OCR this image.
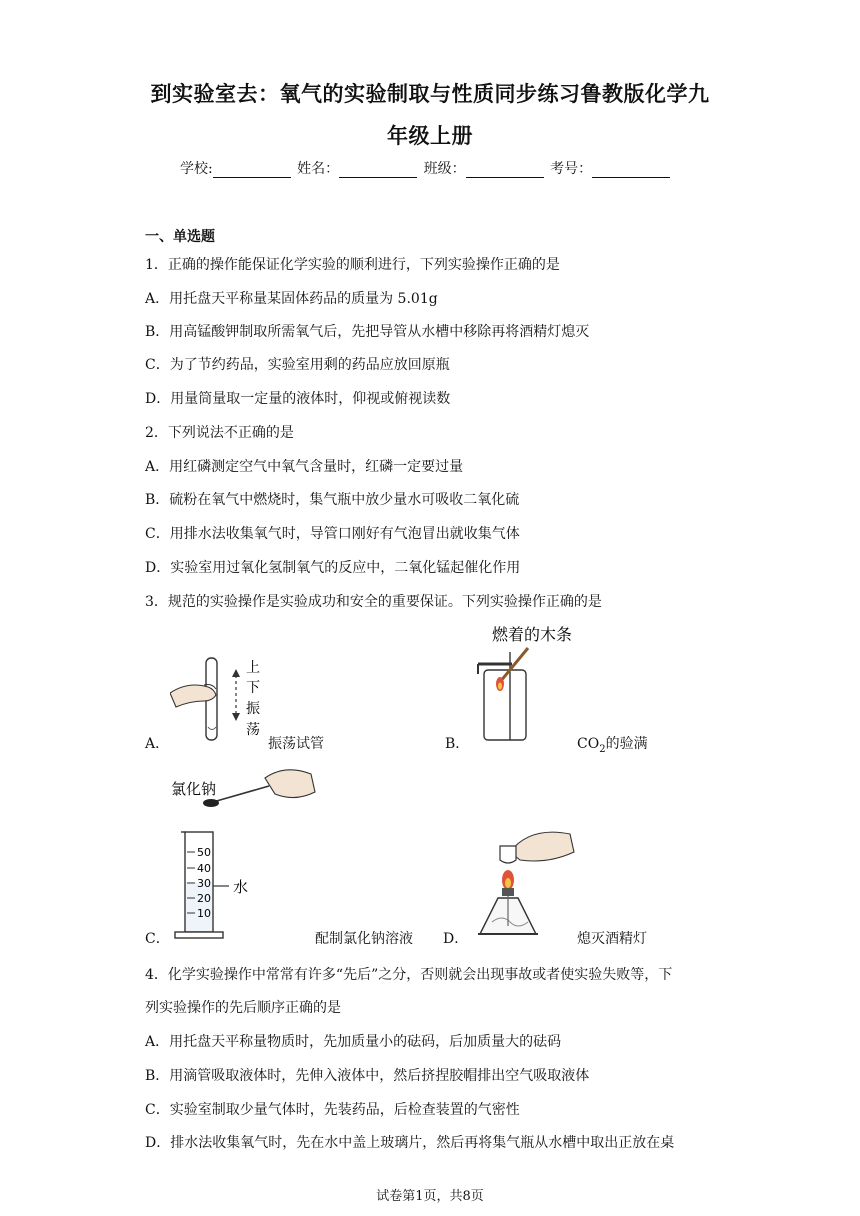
到实验室去：氧气的实验制取与性质同步练习鲁教版化学九
年级上册
学校:	姓名：	班级：	考号：
一、单选题
1．正确的操作能保证化学实验的顺利进行，下列实验操作正确的是
A．用托盘天平称量某固体药品的质量为 5.01g
B．用高锰酸钾制取所需氧气后，先把导管从水槽中移除再将酒精灯熄灭
C．为了节约药品，实验室用剩的药品应放回原瓶
D．用量筒量取一定量的液体时，仰视或俯视读数
2．下列说法不正确的是
A．用红磷测定空气中氧气含量时，红磷一定要过量
B．硫粉在氧气中燃烧时，集气瓶中放少量水可吸收二氧化硫
C．用排水法收集氧气时，导管口刚好有气泡冒出就收集气体
D．实验室用过氧化氢制氧气的反应中，二氧化锰起催化作用
3．规范的实验操作是实验成功和安全的重要保证。下列实验操作正确的是
A．
上
下
振
荡
振荡试管	B．
燃着的木条
$CO_2$的验满
C．
氯化钠
50
40
30
20
10
水
配制氯化钠溶液 D．	熄灭酒精灯
4．化学实验操作中常常有许多“先后”之分，否则就会出现事故或者使实验失败等，下
列实验操作的先后顺序正确的是
A．用托盘天平称量物质时，先加质量小的砝码，后加质量大的砝码
B．用滴管吸取液体时，先伸入液体中，然后挤捏胶帽排出空气吸取液体
C．实验室制取少量气体时，先装药品，后检查装置的气密性
D．排水法收集氧气时，先在水中盖上玻璃片，然后再将集气瓶从水槽中取出正放在桌
试卷第1页，共8页
